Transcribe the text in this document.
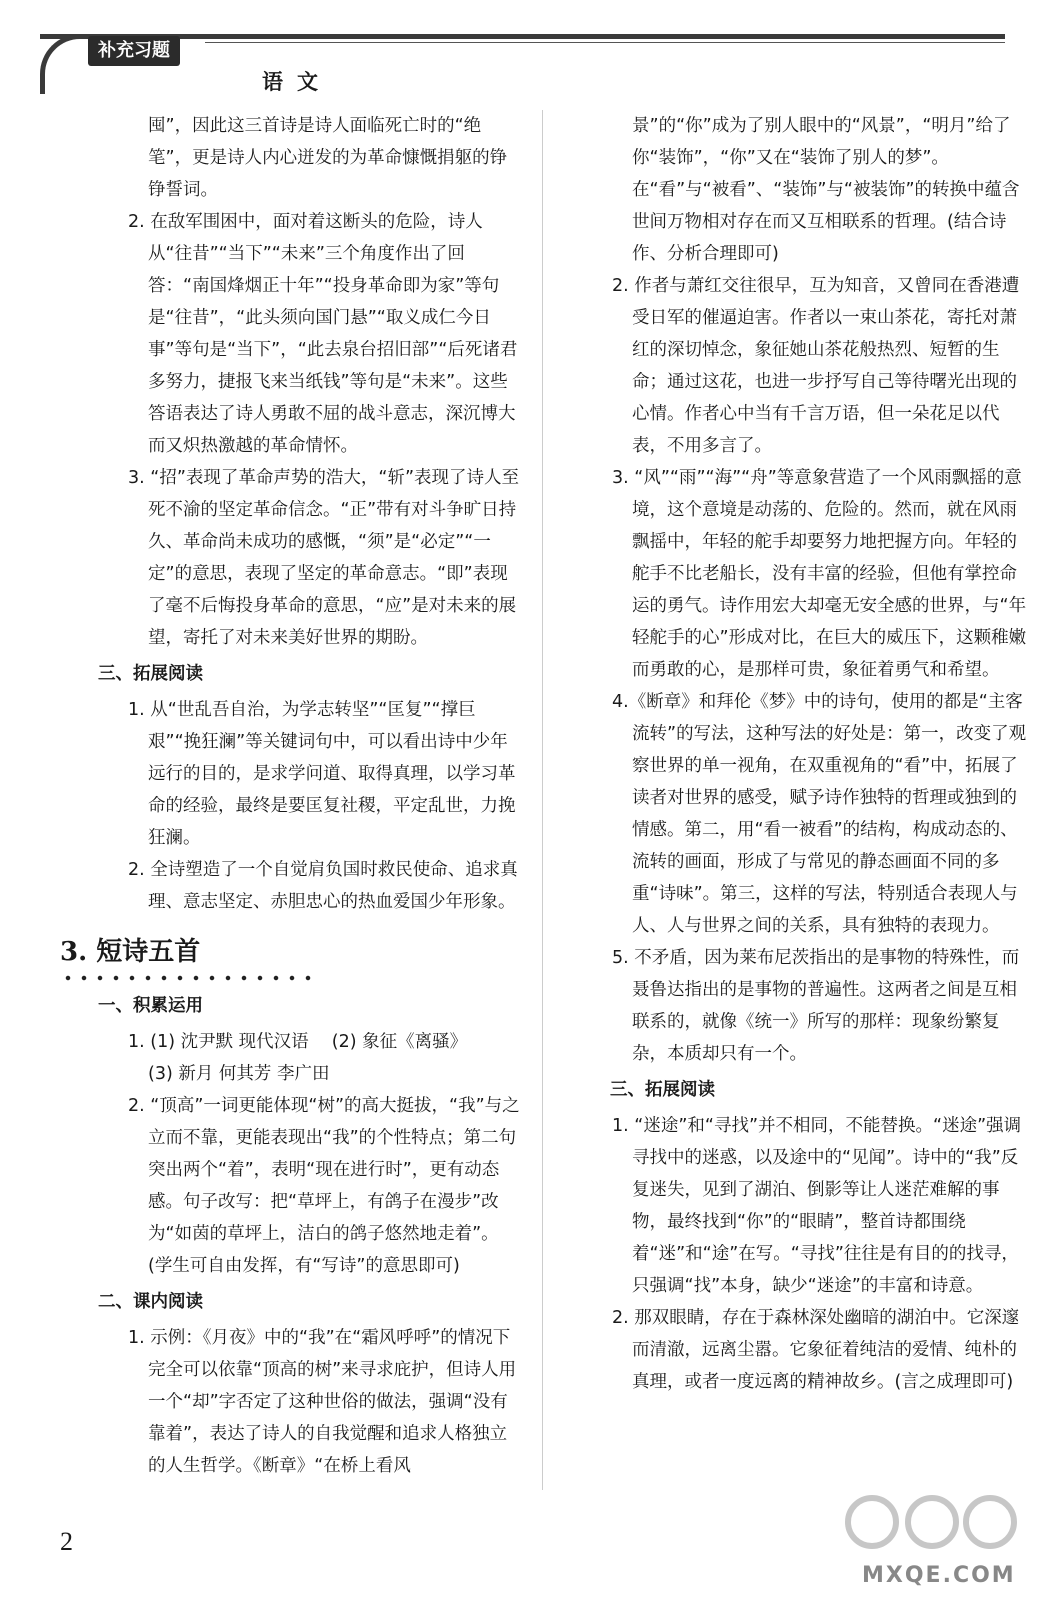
补充习题
语文

囤”，因此这三首诗是诗人面临死亡时的“绝笔”，更是诗人内心迸发的为革命慷慨捐躯的铮铮誓词。

2. 在敌军围困中，面对着这断头的危险，诗人从“往昔”“当下”“未来”三个角度作出了回答：“南国烽烟正十年”“投身革命即为家”等句是“往昔”，“此头须向国门悬”“取义成仁今日事”等句是“当下”，“此去泉台招旧部”“后死诸君多努力，捷报飞来当纸钱”等句是“未来”。这些答语表达了诗人勇敢不屈的战斗意志，深沉博大而又炽热激越的革命情怀。

3. “招”表现了革命声势的浩大，“斩”表现了诗人至死不渝的坚定革命信念。“正”带有对斗争旷日持久、革命尚未成功的感慨，“须”是“必定”“一定”的意思，表现了坚定的革命意志。“即”表现了毫不后悔投身革命的意思，“应”是对未来的展望，寄托了对未来美好世界的期盼。

三、拓展阅读

1. 从“世乱吾自治，为学志转坚”“匡复”“撑巨艰”“挽狂澜”等关键词句中，可以看出诗中少年远行的目的，是求学问道、取得真理，以学习革命的经验，最终是要匡复社稷，平定乱世，力挽狂澜。

2. 全诗塑造了一个自觉肩负国时救民使命、追求真理、意志坚定、赤胆忠心的热血爱国少年形象。

3. 短诗五首

一、积累运用

1. (1) 沈尹默 现代汉语　 (2) 象征《离骚》

(3) 新月 何其芳 李广田

2. “顶高”一词更能体现“树”的高大挺拔，“我”与之立而不靠，更能表现出“我”的个性特点；第二句突出两个“着”，表明“现在进行时”，更有动态感。句子改写：把“草坪上，有鸽子在漫步”改为“如茵的草坪上，洁白的鸽子悠然地走着”。(学生可自由发挥，有“写诗”的意思即可)

二、课内阅读

1. 示例：《月夜》中的“我”在“霜风呼呼”的情况下完全可以依靠“顶高的树”来寻求庇护，但诗人用一个“却”字否定了这种世俗的做法，强调“没有靠着”，表达了诗人的自我觉醒和追求人格独立的人生哲学。《断章》“在桥上看风

景”的“你”成为了别人眼中的“风景”，“明月”给了你“装饰”，“你”又在“装饰了别人的梦”。在“看”与“被看”、“装饰”与“被装饰”的转换中蕴含世间万物相对存在而又互相联系的哲理。(结合诗作、分析合理即可)

2. 作者与萧红交往很早，互为知音，又曾同在香港遭受日军的催逼迫害。作者以一束山茶花，寄托对萧红的深切悼念，象征她山茶花般热烈、短暂的生命；通过这花，也进一步抒写自己等待曙光出现的心情。作者心中当有千言万语，但一朵花足以代表，不用多言了。

3. “风”“雨”“海”“舟”等意象营造了一个风雨飘摇的意境，这个意境是动荡的、危险的。然而，就在风雨飘摇中，年轻的舵手却要努力地把握方向。年轻的舵手不比老船长，没有丰富的经验，但他有掌控命运的勇气。诗作用宏大却毫无安全感的世界，与“年轻舵手的心”形成对比，在巨大的威压下，这颗稚嫩而勇敢的心，是那样可贵，象征着勇气和希望。

4.《断章》和拜伦《梦》中的诗句，使用的都是“主客流转”的写法，这种写法的好处是：第一，改变了观察世界的单一视角，在双重视角的“看”中，拓展了读者对世界的感受，赋予诗作独特的哲理或独到的情感。第二，用“看一被看”的结构，构成动态的、流转的画面，形成了与常见的静态画面不同的多重“诗味”。第三，这样的写法，特别适合表现人与人、人与世界之间的关系，具有独特的表现力。

5. 不矛盾，因为莱布尼茨指出的是事物的特殊性，而聂鲁达指出的是事物的普遍性。这两者之间是互相联系的，就像《统一》所写的那样：现象纷繁复杂，本质却只有一个。

三、拓展阅读

1. “迷途”和“寻找”并不相同，不能替换。“迷途”强调寻找中的迷惑，以及途中的“见闻”。诗中的“我”反复迷失，见到了湖泊、倒影等让人迷茫难解的事物，最终找到“你”的“眼睛”，整首诗都围绕着“迷”和“途”在写。“寻找”往往是有目的的找寻，只强调“找”本身，缺少“迷途”的丰富和诗意。

2. 那双眼睛，存在于森林深处幽暗的湖泊中。它深邃而清澈，远离尘嚣。它象征着纯洁的爱情、纯朴的真理，或者一度远离的精神故乡。(言之成理即可)

2
MXQE.COM
